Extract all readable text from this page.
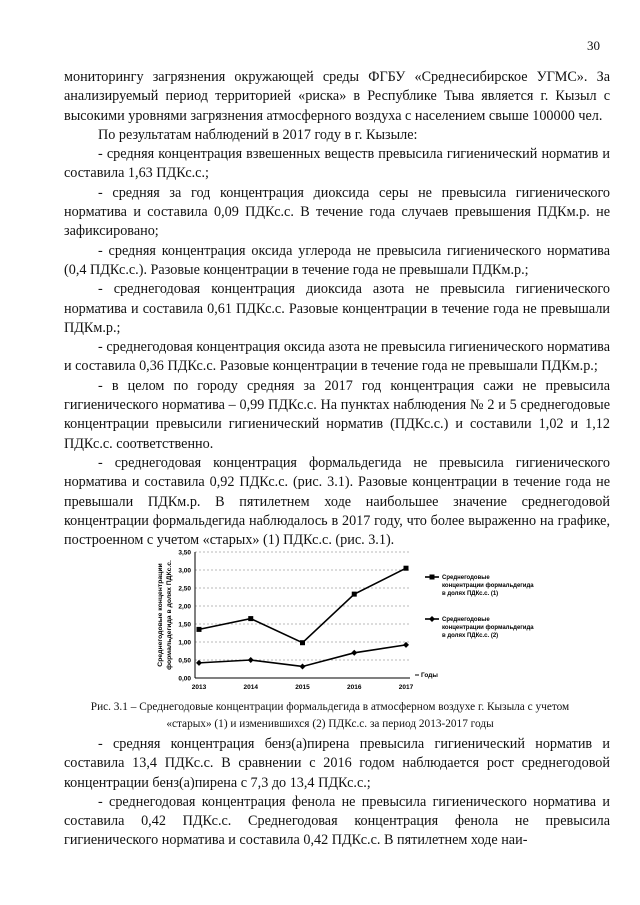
30

мониторингу загрязнения окружающей среды ФГБУ «Среднесибирское УГМС». За анализируемый период территорией «риска» в Республике Тыва является г. Кызыл с высокими уровнями загрязнения атмосферного воздуха с населением свыше 100000 чел.

По результатам наблюдений в 2017 году в г. Кызыле:

- средняя концентрация взвешенных веществ превысила гигиенический норматив и составила 1,63 ПДКс.с.;

- средняя за год концентрация диоксида серы не превысила гигиенического норматива и составила 0,09 ПДКс.с. В течение года случаев превышения ПДКм.р. не зафиксировано;

- средняя концентрация оксида углерода не превысила гигиенического норматива (0,4 ПДКс.с.). Разовые концентрации в течение года не превышали ПДКм.р.;

- среднегодовая концентрация диоксида азота не превысила гигиенического норматива и составила 0,61 ПДКс.с. Разовые концентрации в течение года не превышали ПДКм.р.;

- среднегодовая концентрация оксида азота не превысила гигиенического норматива и составила 0,36 ПДКс.с. Разовые концентрации в течение года не превышали ПДКм.р.;

- в целом по городу средняя за 2017 год концентрация сажи не превысила гигиенического норматива – 0,99 ПДКс.с. На пунктах наблюдения № 2 и 5 среднегодовые концентрации превысили гигиенический норматив (ПДКс.с.) и составили 1,02 и 1,12 ПДКс.с. соответственно.

- среднегодовая концентрация формальдегида не превысила гигиенического норматива и составила 0,92 ПДКс.с. (рис. 3.1). Разовые концентрации в течение года не превышали ПДКм.р. В пятилетнем ходе наибольшее значение среднегодовой концентрации формальдегида наблюдалось в 2017 году, что более выраженно на графике, построенном с учетом «старых» (1) ПДКс.с. (рис. 3.1).

0,00
0,50
1,00
1,50
2,00
2,50
3,00
3,50
2013	2014	2015	2016	2017
Годы
Среднегодовые концентрации формальдегида в долях ПДКс.с.	Среднегодовые
концентрации формальдегида
в долях ПДКс.с. (1)
Среднегодовые
концентрации формальдегида
в долях ПДКс.с. (2)
Рис. 3.1 – Среднегодовые концентрации формальдегида в атмосферном воздухе г. Кызыла с учетом «старых» (1) и изменившихся (2) ПДКс.с. за период 2013-2017 годы

- средняя концентрация бенз(а)пирена превысила гигиенический норматив и составила 13,4 ПДКс.с. В сравнении с 2016 годом наблюдается рост среднегодовой концентрации бенз(а)пирена с 7,3 до 13,4 ПДКс.с.;

- среднегодовая концентрация фенола не превысила гигиенического норматива и составила 0,42 ПДКс.с. Среднегодовая концентрация фенола не превысила гигиенического норматива и составила 0,42 ПДКс.с. В пятилетнем ходе наи-
